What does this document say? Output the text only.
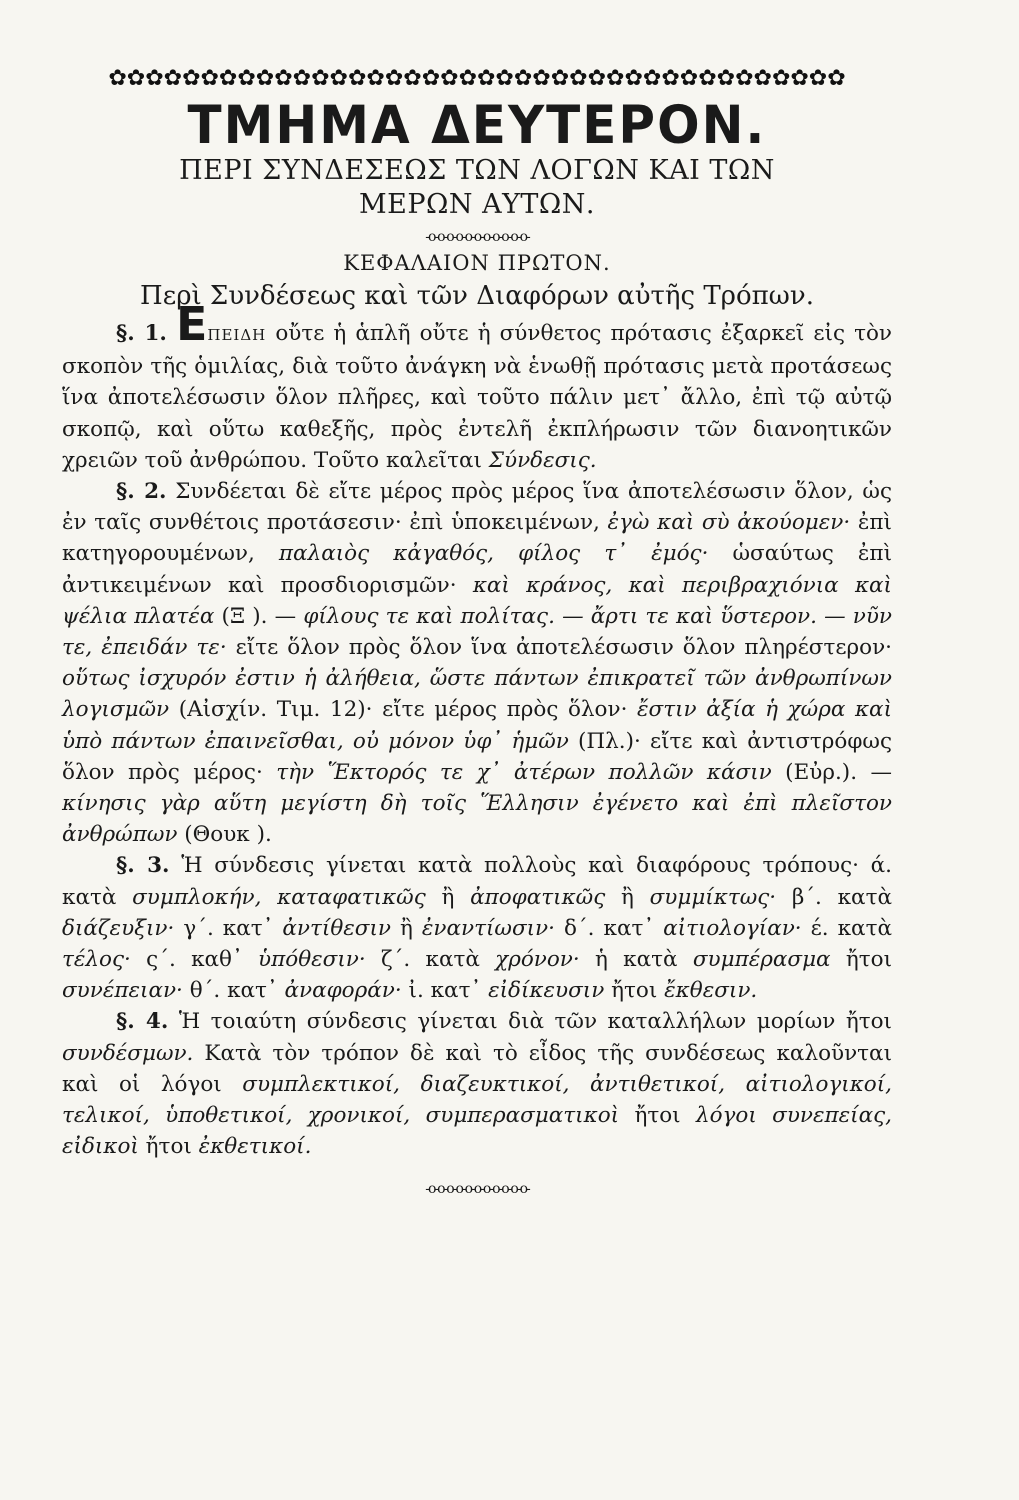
✿✿✿✿✿✿✿✿✿✿✿✿✿✿✿✿✿✿✿✿✿✿✿✿✿✿✿✿✿✿✿✿✿✿✿✿✿✿✿✿
ΤΜΗΜΑ ΔΕΥΤΕΡΟΝ.
ΠΕΡΙ ΣΥΝΔΕΣΕΩΣ ΤΩΝ ΛΟΓΩΝ ΚΑΙ ΤΩΝ
ΜΕΡΩΝ ΑΥΤΩΝ.
-o-o-o-o-o-o-o-o-o-o-o-
ΚΕΦΑΛΑΙΟΝ ΠΡΩΤΟΝ.
Περὶ Συνδέσεως καὶ τῶν Διαφόρων αὐτῆς Τρόπων.

§. 1. ΕΠΕΙΔΗ οὔτε ἡ ἁπλῆ οὔτε ἡ σύνθετος πρότασις ἐξαρκεῖ εἰς τὸν σκοπὸν τῆς ὁμιλίας, διὰ τοῦτο ἀνάγκη νὰ ἑνωθῇ πρότασις μετὰ προτάσεως ἵνα ἀποτελέσωσιν ὅλον πλῆρες, καὶ τοῦτο πάλιν μετ᾽ ἄλλο, ἐπὶ τῷ αὐτῷ σκοπῷ, καὶ οὕτω καθεξῆς, πρὸς ἐντελῆ ἐκπλήρωσιν τῶν διανοητικῶν χρειῶν τοῦ ἀνθρώπου. Τοῦτο καλεῖται Σύνδεσις.

§. 2. Συνδέεται δὲ εἴτε μέρος πρὸς μέρος ἵνα ἀποτελέσωσιν ὅλον, ὡς ἐν ταῖς συνθέτοις προτάσεσιν· ἐπὶ ὑποκειμένων, ἐγὼ καὶ σὺ ἀκούομεν· ἐπὶ κατηγορουμένων, παλαιὸς κἀγαθός, φίλος τ᾽ ἐμός· ὡσαύτως ἐπὶ ἀντικειμένων καὶ προσδιορισμῶν· καὶ κράνος, καὶ περιβραχιόνια καὶ ψέλια πλατέα (Ξ ). — φίλους τε καὶ πολίτας. — ἄρτι τε καὶ ὕστερον. — νῦν τε, ἐπειδάν τε· εἴτε ὅλον πρὸς ὅλον ἵνα ἀποτελέσωσιν ὅλον πληρέστερον· οὕτως ἰσχυρόν ἐστιν ἡ ἀλήθεια, ὥστε πάντων ἐπικρατεῖ τῶν ἀνθρωπίνων λογισμῶν (Αἰσχίν. Τιμ. 12)· εἴτε μέρος πρὸς ὅλον· ἔστιν ἀξία ἡ χώρα καὶ ὑπὸ πάντων ἐπαινεῖσθαι, οὐ μόνον ὑφ᾽ ἡμῶν (Πλ.)· εἴτε καὶ ἀντιστρόφως ὅλον πρὸς μέρος· τὴν Ἕκτορός τε χ᾽ ἀτέρων πολλῶν κάσιν (Εὐρ.). — κίνησις γὰρ αὕτη μεγίστη δὴ τοῖς Ἕλλησιν ἐγένετο καὶ ἐπὶ πλεῖστον ἀνθρώπων (Θουκ ).

§. 3. Ἡ σύνδεσις γίνεται κατὰ πολλοὺς καὶ διαφόρους τρόπους· ά. κατὰ συμπλοκήν, καταφατικῶς ἢ ἀποφατικῶς ἢ συμμίκτως· β΄. κατὰ διάζευξιν· γ΄. κατ᾽ ἀντίθεσιν ἢ ἐναντίωσιν· δ΄. κατ᾽ αἰτιολογίαν· έ. κατὰ τέλος· ς΄. καθ᾽ ὑπόθεσιν· ζ΄. κατὰ χρόνον· ἡ κατὰ συμπέρασμα ἤτοι συνέπειαν· θ΄. κατ᾽ ἀναφοράν· ἰ. κατ᾽ εἰδίκευσιν ἤτοι ἔκθεσιν.

§. 4. Ἡ τοιαύτη σύνδεσις γίνεται διὰ τῶν καταλλήλων μορίων ἤτοι συνδέσμων. Κατὰ τὸν τρόπον δὲ καὶ τὸ εἶδος τῆς συνδέσεως καλοῦνται καὶ οἱ λόγοι συμπλεκτικοί, διαζευκτικοί, ἀντιθετικοί, αἰτιολογικοί, τελικοί, ὑποθετικοί, χρονικοί, συμπερασματικοὶ ἤτοι λόγοι συνεπείας, εἰδικοὶ ἤτοι ἐκθετικοί.

-o-o-o-o-o-o-o-o-o-o-o-
